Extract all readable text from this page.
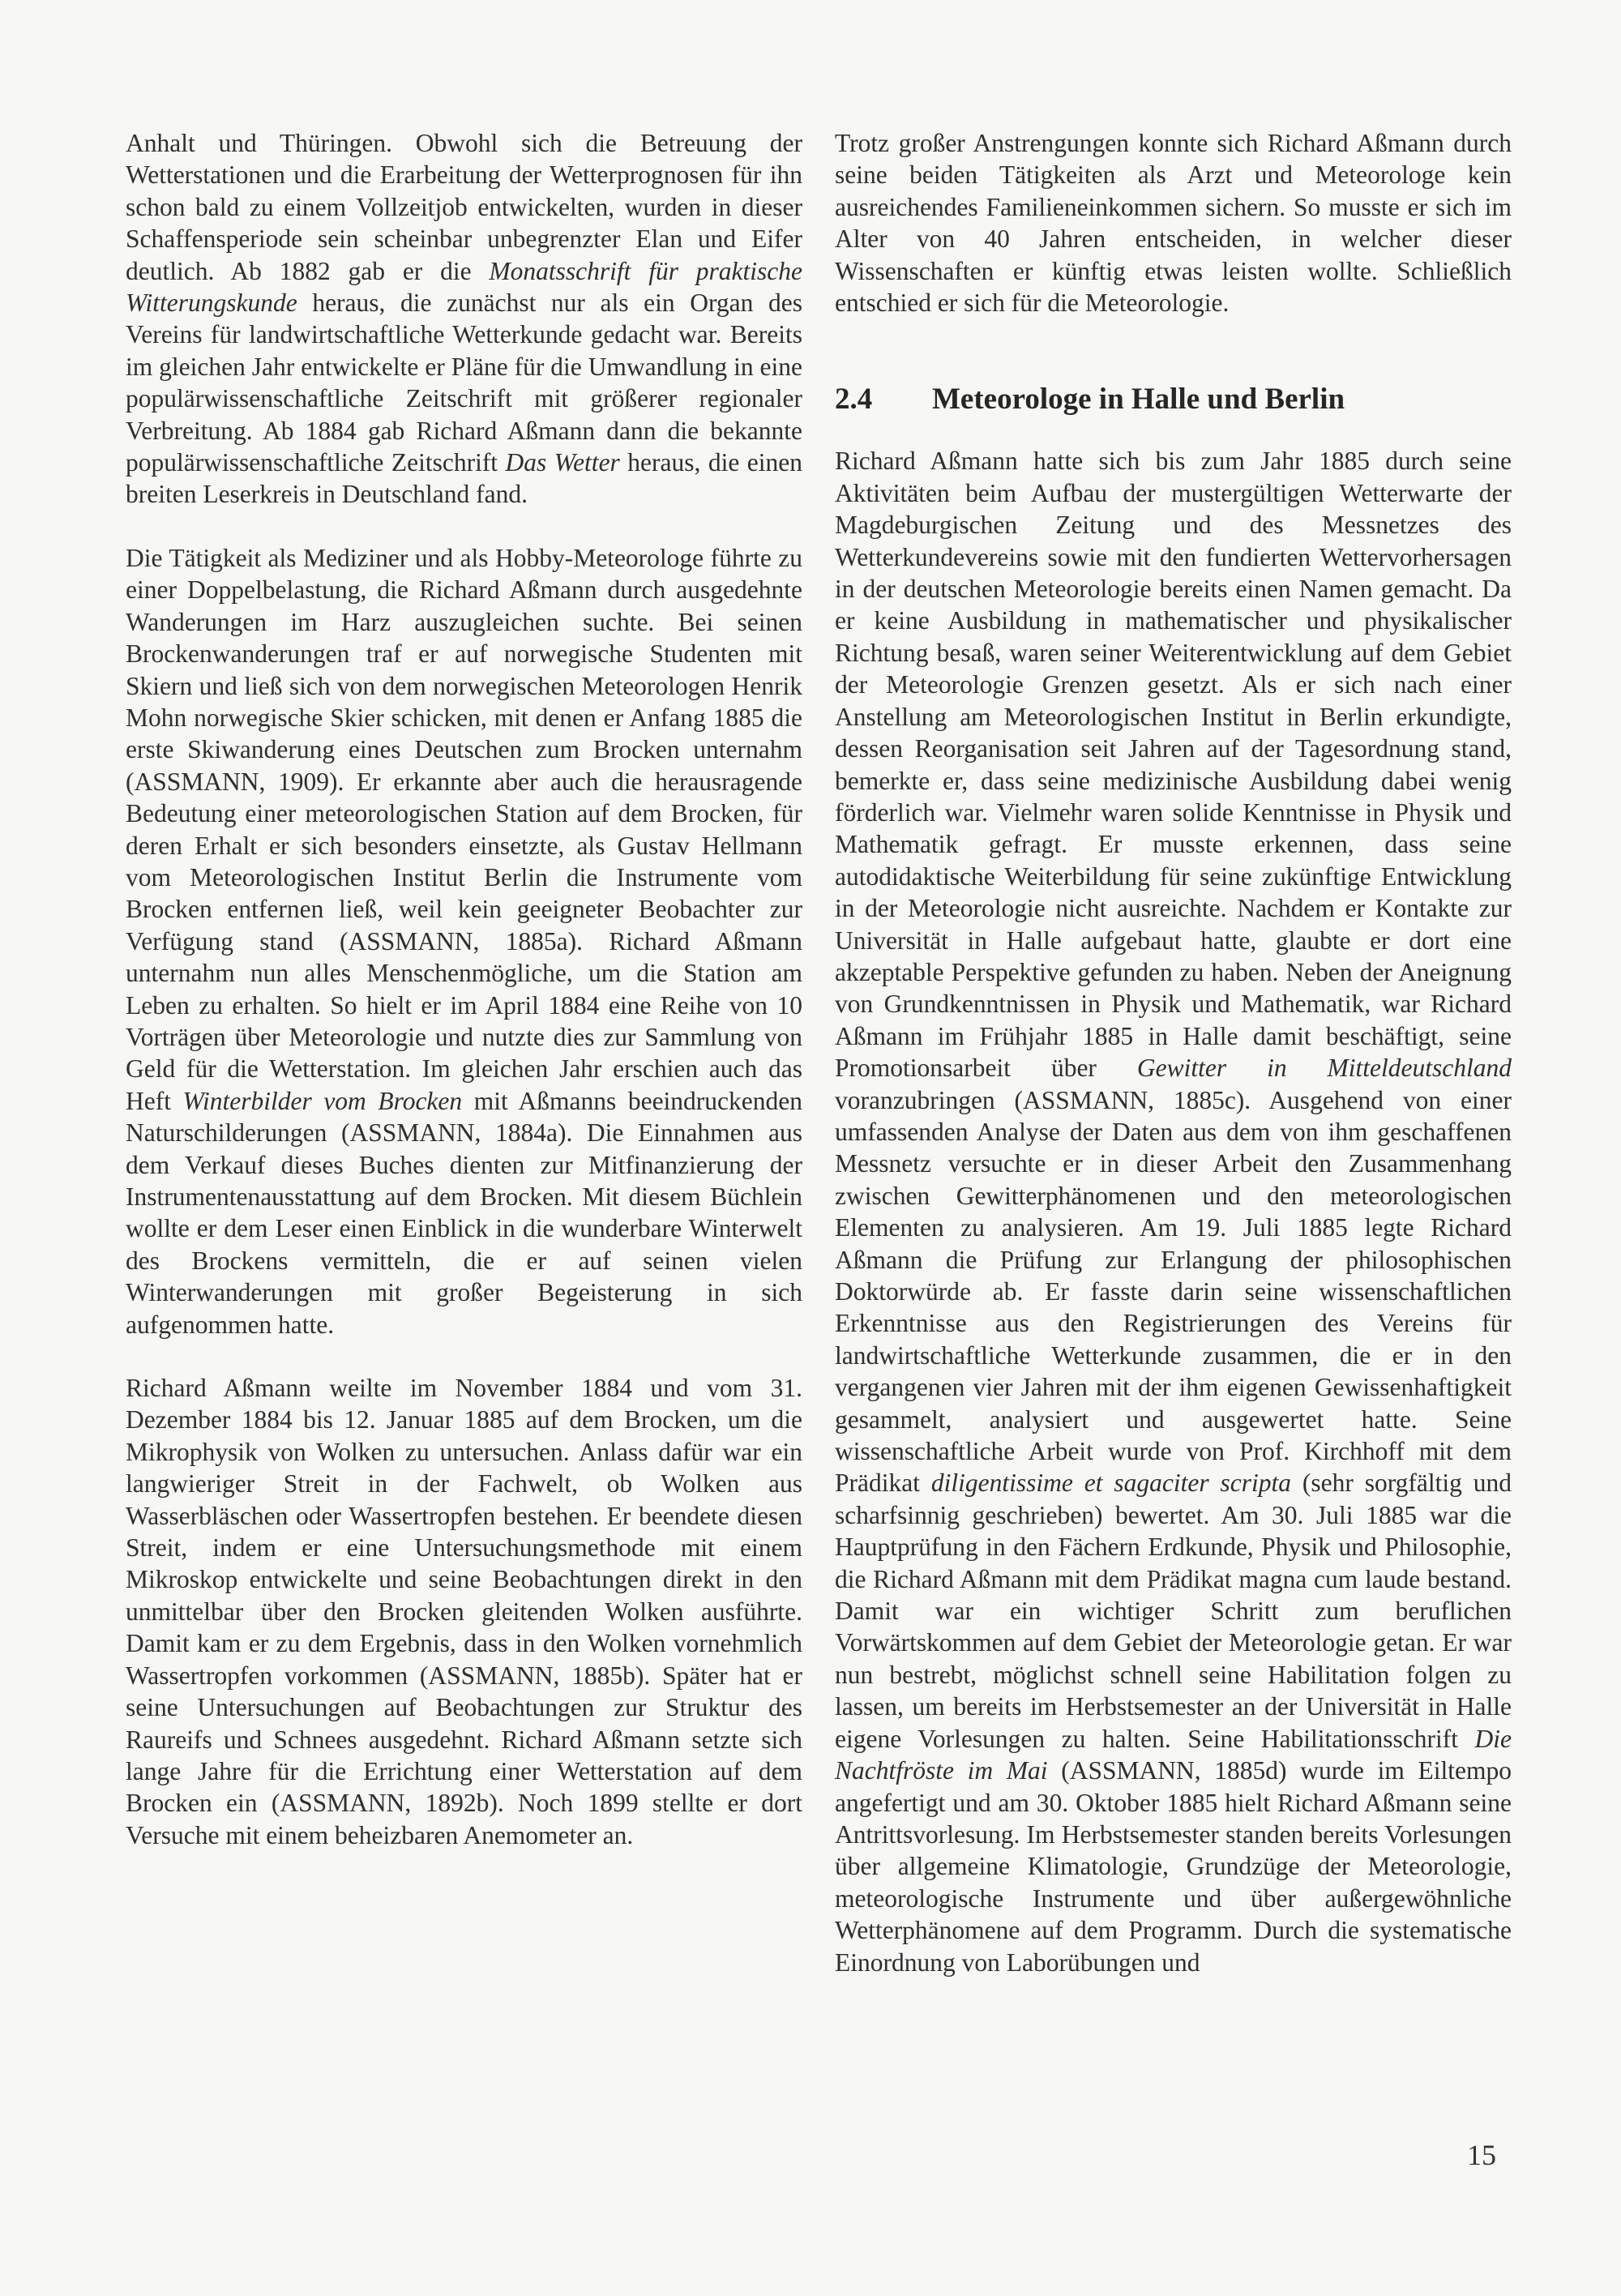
Anhalt und Thüringen. Obwohl sich die Betreuung der Wetterstationen und die Erarbeitung der Wetterprognosen für ihn schon bald zu einem Vollzeitjob entwickelten, wurden in dieser Schaffensperiode sein scheinbar unbegrenzter Elan und Eifer deutlich. Ab 1882 gab er die Monatsschrift für praktische Witterungskunde heraus, die zunächst nur als ein Organ des Vereins für landwirtschaftliche Wetterkunde gedacht war. Bereits im gleichen Jahr entwickelte er Pläne für die Umwandlung in eine populärwissenschaftliche Zeitschrift mit größerer regionaler Verbreitung. Ab 1884 gab Richard Aßmann dann die bekannte populärwissenschaftliche Zeitschrift Das Wetter heraus, die einen breiten Leserkreis in Deutschland fand.

Die Tätigkeit als Mediziner und als Hobby-Meteorologe führte zu einer Doppelbelastung, die Richard Aßmann durch ausgedehnte Wanderungen im Harz auszugleichen suchte. Bei seinen Brockenwanderungen traf er auf norwegische Studenten mit Skiern und ließ sich von dem norwegischen Meteorologen Henrik Mohn norwegische Skier schicken, mit denen er Anfang 1885 die erste Skiwanderung eines Deutschen zum Brocken unternahm (ASSMANN, 1909). Er erkannte aber auch die herausragende Bedeutung einer meteorologischen Station auf dem Brocken, für deren Erhalt er sich besonders einsetzte, als Gustav Hellmann vom Meteorologischen Institut Berlin die Instrumente vom Brocken entfernen ließ, weil kein geeigneter Beobachter zur Verfügung stand (ASSMANN, 1885a). Richard Aßmann unternahm nun alles Menschenmögliche, um die Station am Leben zu erhalten. So hielt er im April 1884 eine Reihe von 10 Vorträgen über Meteorologie und nutzte dies zur Sammlung von Geld für die Wetterstation. Im gleichen Jahr erschien auch das Heft Winterbilder vom Brocken mit Aßmanns beeindruckenden Naturschilderungen (ASSMANN, 1884a). Die Einnahmen aus dem Verkauf dieses Buches dienten zur Mitfinanzierung der Instrumentenausstattung auf dem Brocken. Mit diesem Büchlein wollte er dem Leser einen Einblick in die wunderbare Winterwelt des Brockens vermitteln, die er auf seinen vielen Winterwanderungen mit großer Begeisterung in sich aufgenommen hatte.

Richard Aßmann weilte im November 1884 und vom 31. Dezember 1884 bis 12. Januar 1885 auf dem Brocken, um die Mikrophysik von Wolken zu untersuchen. Anlass dafür war ein langwieriger Streit in der Fachwelt, ob Wolken aus Wasserbläschen oder Wassertropfen bestehen. Er beendete diesen Streit, indem er eine Untersuchungsmethode mit einem Mikroskop entwickelte und seine Beobachtungen direkt in den unmittelbar über den Brocken gleitenden Wolken ausführte. Damit kam er zu dem Ergebnis, dass in den Wolken vornehmlich Wassertropfen vorkommen (ASSMANN, 1885b). Später hat er seine Untersuchungen auf Beobachtungen zur Struktur des Raureifs und Schnees ausgedehnt. Richard Aßmann setzte sich lange Jahre für die Errichtung einer Wetterstation auf dem Brocken ein (ASSMANN, 1892b). Noch 1899 stellte er dort Versuche mit einem beheizbaren Anemometer an.

Trotz großer Anstrengungen konnte sich Richard Aßmann durch seine beiden Tätigkeiten als Arzt und Meteorologe kein ausreichendes Familieneinkommen sichern. So musste er sich im Alter von 40 Jahren entscheiden, in welcher dieser Wissenschaften er künftig etwas leisten wollte. Schließlich entschied er sich für die Meteorologie.

2.4	Meteorologe in Halle und Berlin

Richard Aßmann hatte sich bis zum Jahr 1885 durch seine Aktivitäten beim Aufbau der mustergültigen Wetterwarte der Magdeburgischen Zeitung und des Messnetzes des Wetterkundevereins sowie mit den fundierten Wettervorhersagen in der deutschen Meteorologie bereits einen Namen gemacht. Da er keine Ausbildung in mathematischer und physikalischer Richtung besaß, waren seiner Weiterentwicklung auf dem Gebiet der Meteorologie Grenzen gesetzt. Als er sich nach einer Anstellung am Meteorologischen Institut in Berlin erkundigte, dessen Reorganisation seit Jahren auf der Tagesordnung stand, bemerkte er, dass seine medizinische Ausbildung dabei wenig förderlich war. Vielmehr waren solide Kenntnisse in Physik und Mathematik gefragt. Er musste erkennen, dass seine autodidaktische Weiterbildung für seine zukünftige Entwicklung in der Meteorologie nicht ausreichte. Nachdem er Kontakte zur Universität in Halle aufgebaut hatte, glaubte er dort eine akzeptable Perspektive gefunden zu haben. Neben der Aneignung von Grundkenntnissen in Physik und Mathematik, war Richard Aßmann im Frühjahr 1885 in Halle damit beschäftigt, seine Promotionsarbeit über Gewitter in Mitteldeutschland voranzubringen (ASSMANN, 1885c). Ausgehend von einer umfassenden Analyse der Daten aus dem von ihm geschaffenen Messnetz versuchte er in dieser Arbeit den Zusammenhang zwischen Gewitterphänomenen und den meteorologischen Elementen zu analysieren. Am 19. Juli 1885 legte Richard Aßmann die Prüfung zur Erlangung der philosophischen Doktorwürde ab. Er fasste darin seine wissenschaftlichen Erkenntnisse aus den Registrierungen des Vereins für landwirtschaftliche Wetterkunde zusammen, die er in den vergangenen vier Jahren mit der ihm eigenen Gewissenhaftigkeit gesammelt, analysiert und ausgewertet hatte. Seine wissenschaftliche Arbeit wurde von Prof. Kirchhoff mit dem Prädikat diligentissime et sagaciter scripta (sehr sorgfältig und scharfsinnig geschrieben) bewertet. Am 30. Juli 1885 war die Hauptprüfung in den Fächern Erdkunde, Physik und Philosophie, die Richard Aßmann mit dem Prädikat magna cum laude bestand. Damit war ein wichtiger Schritt zum beruflichen Vorwärtskommen auf dem Gebiet der Meteorologie getan. Er war nun bestrebt, möglichst schnell seine Habilitation folgen zu lassen, um bereits im Herbstsemester an der Universität in Halle eigene Vorlesungen zu halten. Seine Habilitationsschrift Die Nachtfröste im Mai (ASSMANN, 1885d) wurde im Eiltempo angefertigt und am 30. Oktober 1885 hielt Richard Aßmann seine Antrittsvorlesung. Im Herbstsemester standen bereits Vorlesungen über allgemeine Klimatologie, Grundzüge der Meteorologie, meteorologische Instrumente und über außergewöhnliche Wetterphänomene auf dem Programm. Durch die systematische Einordnung von Laborübungen und

15
